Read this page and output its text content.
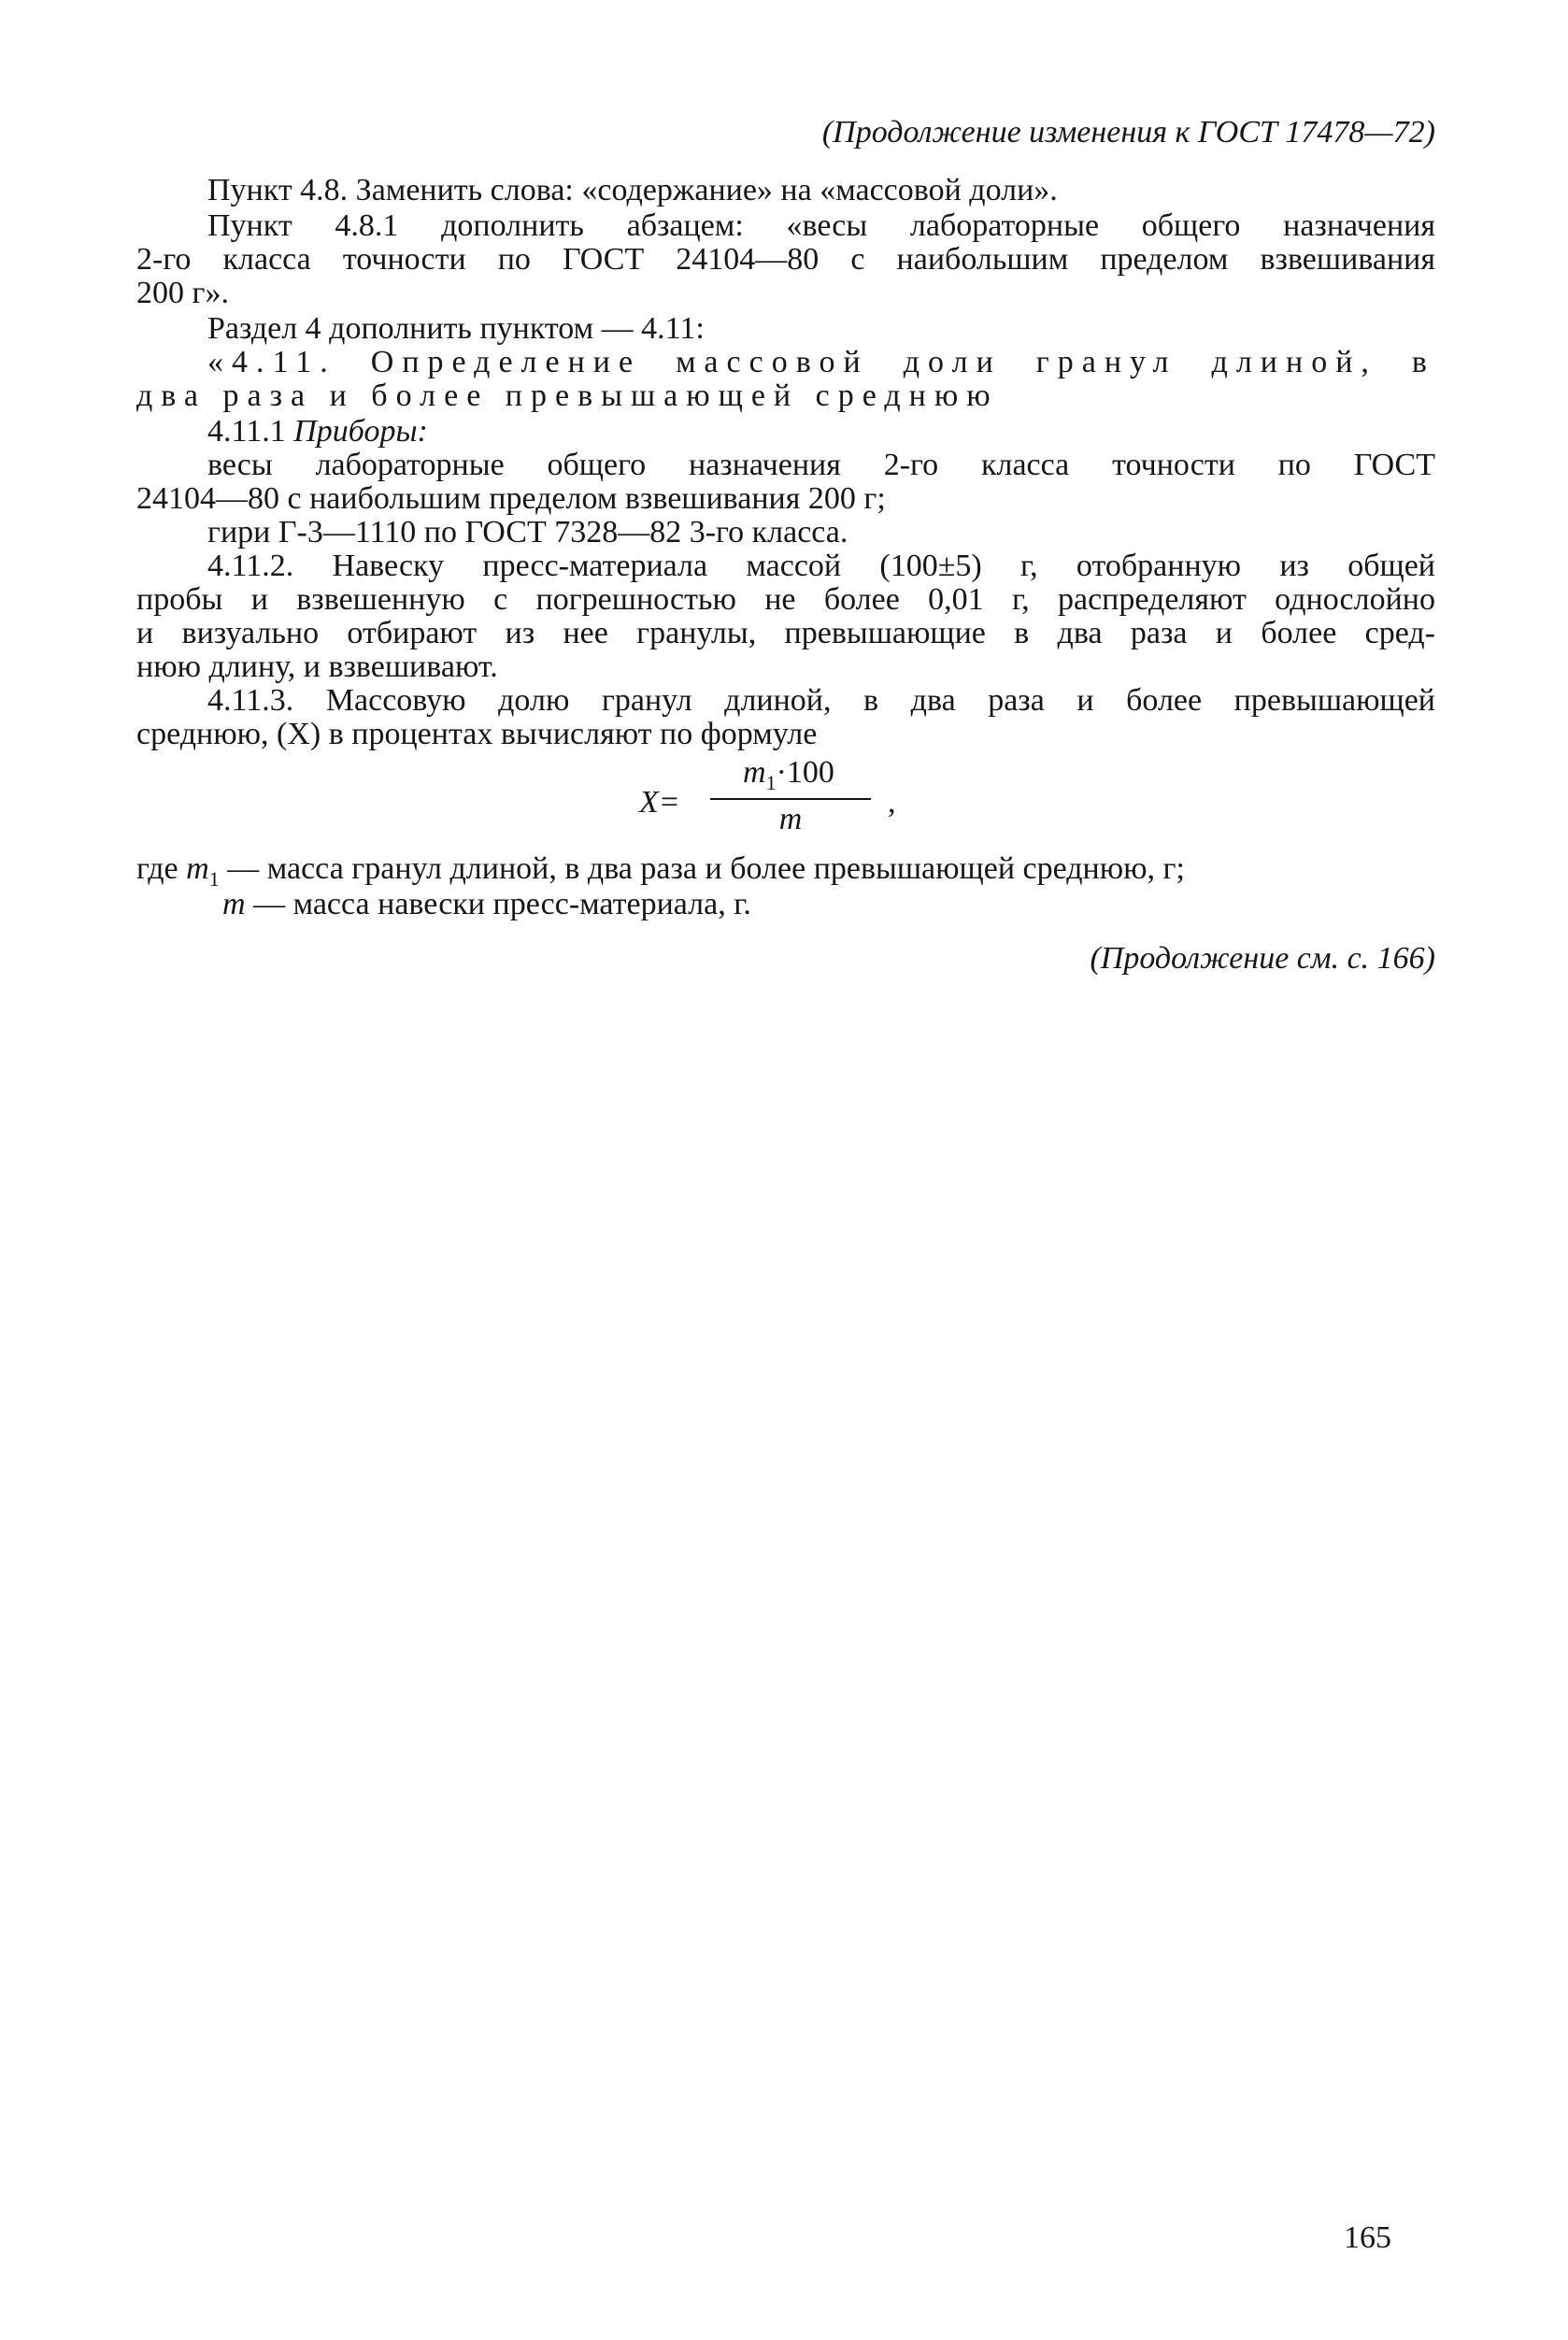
(Продолжение изменения к ГОСТ 17478—72)
Пункт 4.8. Заменить слова: «содержание» на «массовой доли».
Пункт 4.8.1 дополнить абзацем: «весы лабораторные общего назначения
2-го класса точности по ГОСТ 24104—80 с наибольшим пределом взвешивания
200 г».
Раздел 4 дополнить пунктом — 4.11:
«4.11. Определение массовой доли гранул длиной, в
два раза и более превышающей среднюю
4.11.1 Приборы:
весы лабораторные общего назначения 2-го класса точности по ГОСТ
24104—80 с наибольшим пределом взвешивания 200 г;
гири Г-3—1110 по ГОСТ 7328—82 3-го класса.
4.11.2. Навеску пресс-материала массой (100±5) г, отобранную из общей
пробы и взвешенную с погрешностью не более 0,01 г, распределяют однослойно
и визуально отбирают из нее гранулы, превышающие в два раза и более сред-
нюю длину, и взвешивают.
4.11.3. Массовую долю гранул длиной, в два раза и более превышающей
среднюю, (X) в процентах вычисляют по формуле
X=
$m_1\cdot 100$
m	,
где $m_1$ — масса гранул длиной, в два раза и более превышающей среднюю, г;
m — масса навески пресс-материала, г.
(Продолжение см. с. 166)
165
